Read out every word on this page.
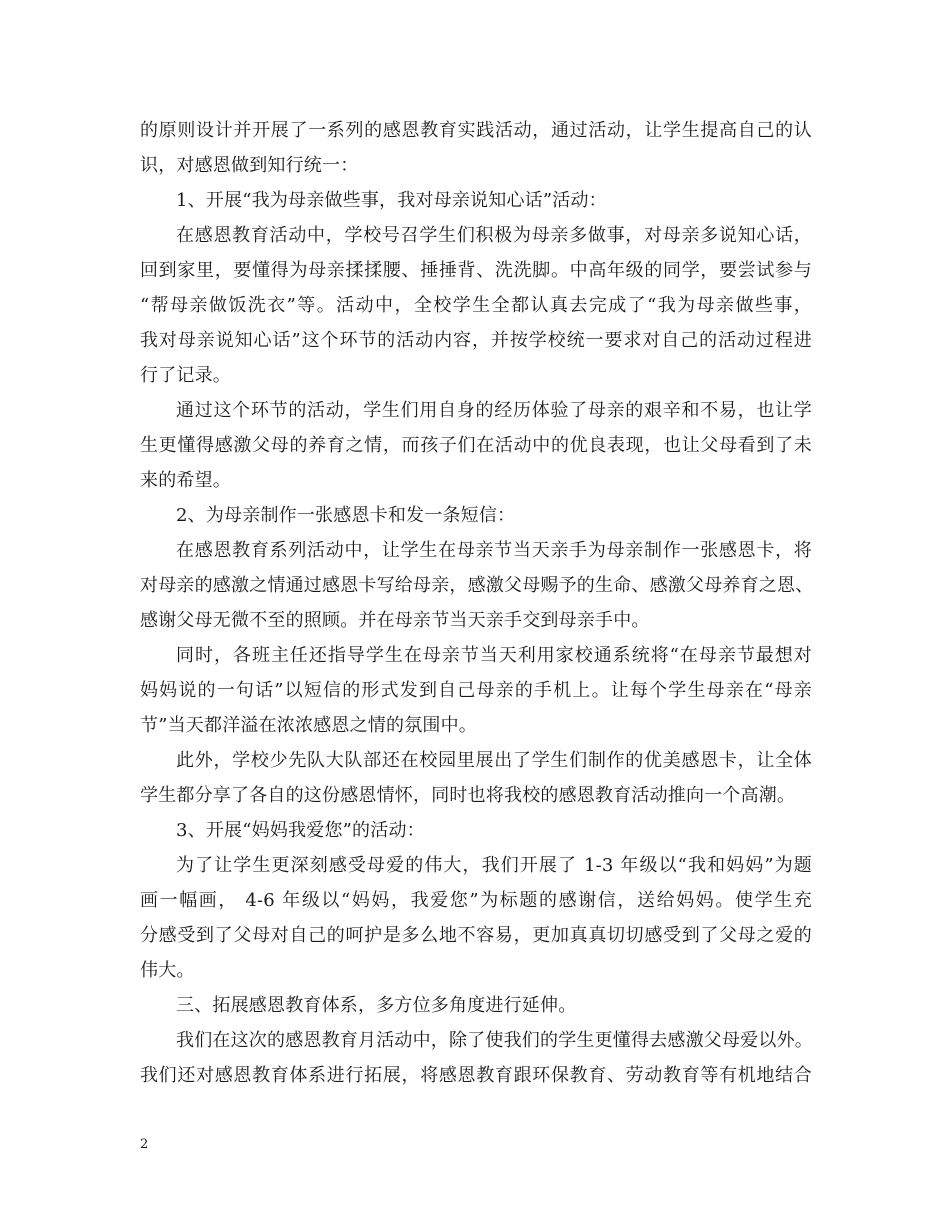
的原则设计并开展了一系列的感恩教育实践活动，通过活动，让学生提高自己的认
识，对感恩做到知行统一：
1、开展“我为母亲做些事，我对母亲说知心话”活动：
在感恩教育活动中，学校号召学生们积极为母亲多做事，对母亲多说知心话，
回到家里，要懂得为母亲揉揉腰、捶捶背、洗洗脚。中高年级的同学，要尝试参与
“帮母亲做饭洗衣”等。活动中，全校学生全都认真去完成了“我为母亲做些事，
我对母亲说知心话”这个环节的活动内容，并按学校统一要求对自己的活动过程进
行了记录。
通过这个环节的活动，学生们用自身的经历体验了母亲的艰辛和不易，也让学
生更懂得感激父母的养育之情，而孩子们在活动中的优良表现，也让父母看到了未
来的希望。
2、为母亲制作一张感恩卡和发一条短信：
在感恩教育系列活动中，让学生在母亲节当天亲手为母亲制作一张感恩卡，将
对母亲的感激之情通过感恩卡写给母亲，感激父母赐予的生命、感激父母养育之恩、
感谢父母无微不至的照顾。并在母亲节当天亲手交到母亲手中。
同时，各班主任还指导学生在母亲节当天利用家校通系统将“在母亲节最想对
妈妈说的一句话”以短信的形式发到自己母亲的手机上。让每个学生母亲在“母亲
节”当天都洋溢在浓浓感恩之情的氛围中。
此外，学校少先队大队部还在校园里展出了学生们制作的优美感恩卡，让全体
学生都分享了各自的这份感恩情怀，同时也将我校的感恩教育活动推向一个高潮。
3、开展“妈妈我爱您”的活动：
为了让学生更深刻感受母爱的伟大，我们开展了 1-3 年级以“我和妈妈”为题
画一幅画， 4-6 年级以“妈妈，我爱您”为标题的感谢信，送给妈妈。使学生充
分感受到了父母对自己的呵护是多么地不容易，更加真真切切感受到了父母之爱的
伟大。
三、拓展感恩教育体系，多方位多角度进行延伸。
我们在这次的感恩教育月活动中，除了使我们的学生更懂得去感激父母爱以外。
我们还对感恩教育体系进行拓展，将感恩教育跟环保教育、劳动教育等有机地结合
2
